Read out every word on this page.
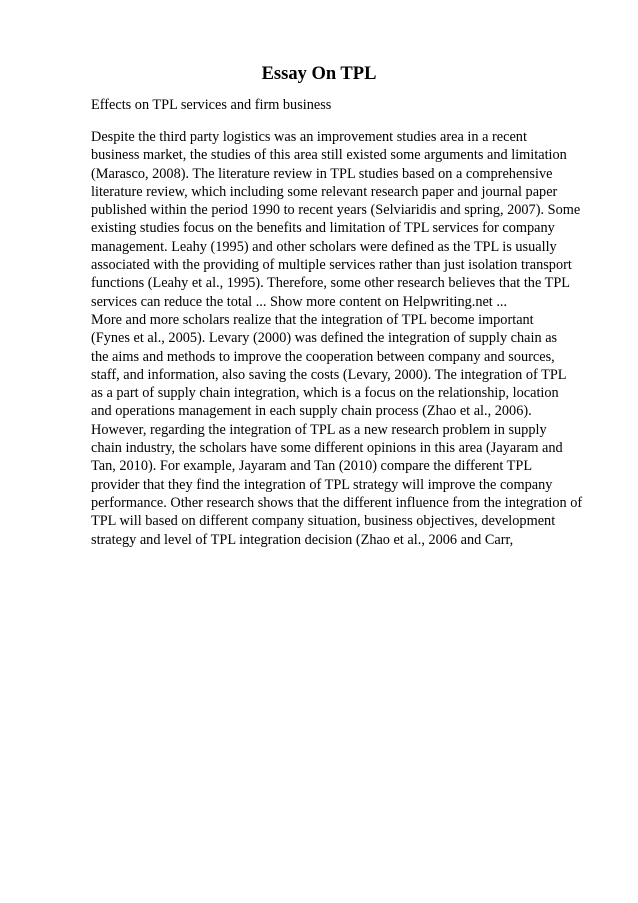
Essay On TPL

Effects on TPL services and firm business

Despite the third party logistics was an improvement studies area in a recent
business market, the studies of this area still existed some arguments and limitation
(Marasco, 2008). The literature review in TPL studies based on a comprehensive
literature review, which including some relevant research paper and journal paper
published within the period 1990 to recent years (Selviaridis and spring, 2007). Some
existing studies focus on the benefits and limitation of TPL services for company
management. Leahy (1995) and other scholars were defined as the TPL is usually
associated with the providing of multiple services rather than just isolation transport
functions (Leahy et al., 1995). Therefore, some other research believes that the TPL
services can reduce the total ... Show more content on Helpwriting.net ...
More and more scholars realize that the integration of TPL become important
(Fynes et al., 2005). Levary (2000) was defined the integration of supply chain as
the aims and methods to improve the cooperation between company and sources,
staff, and information, also saving the costs (Levary, 2000). The integration of TPL
as a part of supply chain integration, which is a focus on the relationship, location
and operations management in each supply chain process (Zhao et al., 2006).
However, regarding the integration of TPL as a new research problem in supply
chain industry, the scholars have some different opinions in this area (Jayaram and
Tan, 2010). For example, Jayaram and Tan (2010) compare the different TPL
provider that they find the integration of TPL strategy will improve the company
performance. Other research shows that the different influence from the integration of
TPL will based on different company situation, business objectives, development
strategy and level of TPL integration decision (Zhao et al., 2006 and Carr,
